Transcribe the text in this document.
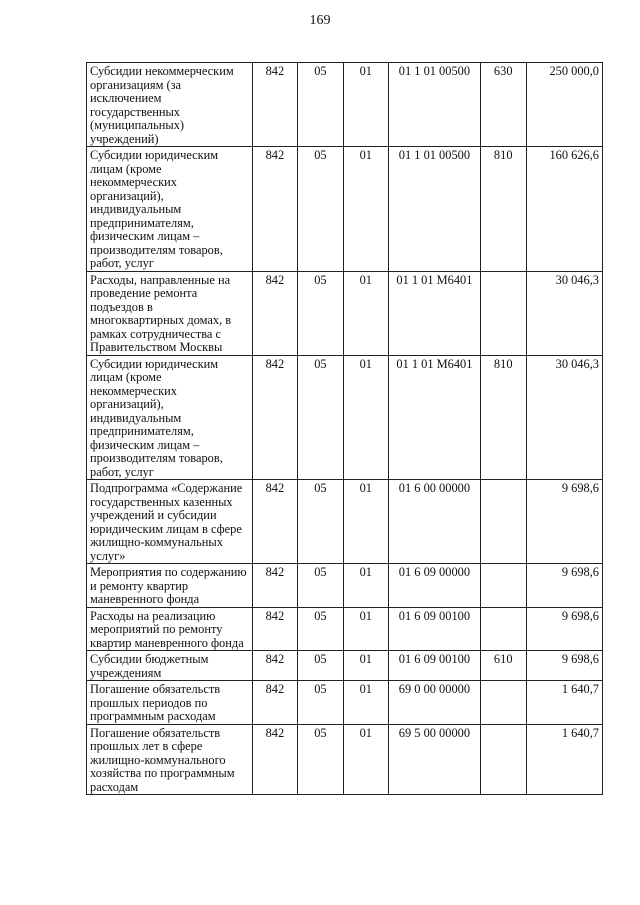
169
Субсидии некоммерческим организациям (за исключением государственных (муниципальных) учреждений)	842	05	01	01 1 01 00500	630	250 000,0
Субсидии юридическим лицам (кроме некоммерческих организаций), индивидуальным предпринимателям, физическим лицам – производителям товаров, работ, услуг	842	05	01	01 1 01 00500	810	160 626,6
Расходы, направленные на проведение ремонта подъездов в многоквартирных домах, в рамках сотрудничества с Правительством Москвы	842	05	01	01 1 01 М6401		30 046,3
Субсидии юридическим лицам (кроме некоммерческих организаций), индивидуальным предпринимателям, физическим лицам – производителям товаров, работ, услуг	842	05	01	01 1 01 М6401	810	30 046,3
Подпрограмма «Содержание государственных казенных учреждений и субсидии юридическим лицам в сфере жилищно-коммунальных услуг»	842	05	01	01 6 00 00000		9 698,6
Мероприятия по содержанию и ремонту квартир маневренного фонда	842	05	01	01 6 09 00000		9 698,6
Расходы на реализацию мероприятий по ремонту квартир маневренного фонда	842	05	01	01 6 09 00100		9 698,6
Субсидии бюджетным учреждениям	842	05	01	01 6 09 00100	610	9 698,6
Погашение обязательств прошлых периодов по программным расходам	842	05	01	69 0 00 00000		1 640,7
Погашение обязательств прошлых лет в сфере жилищно-коммунального хозяйства по программным расходам	842	05	01	69 5 00 00000		1 640,7
